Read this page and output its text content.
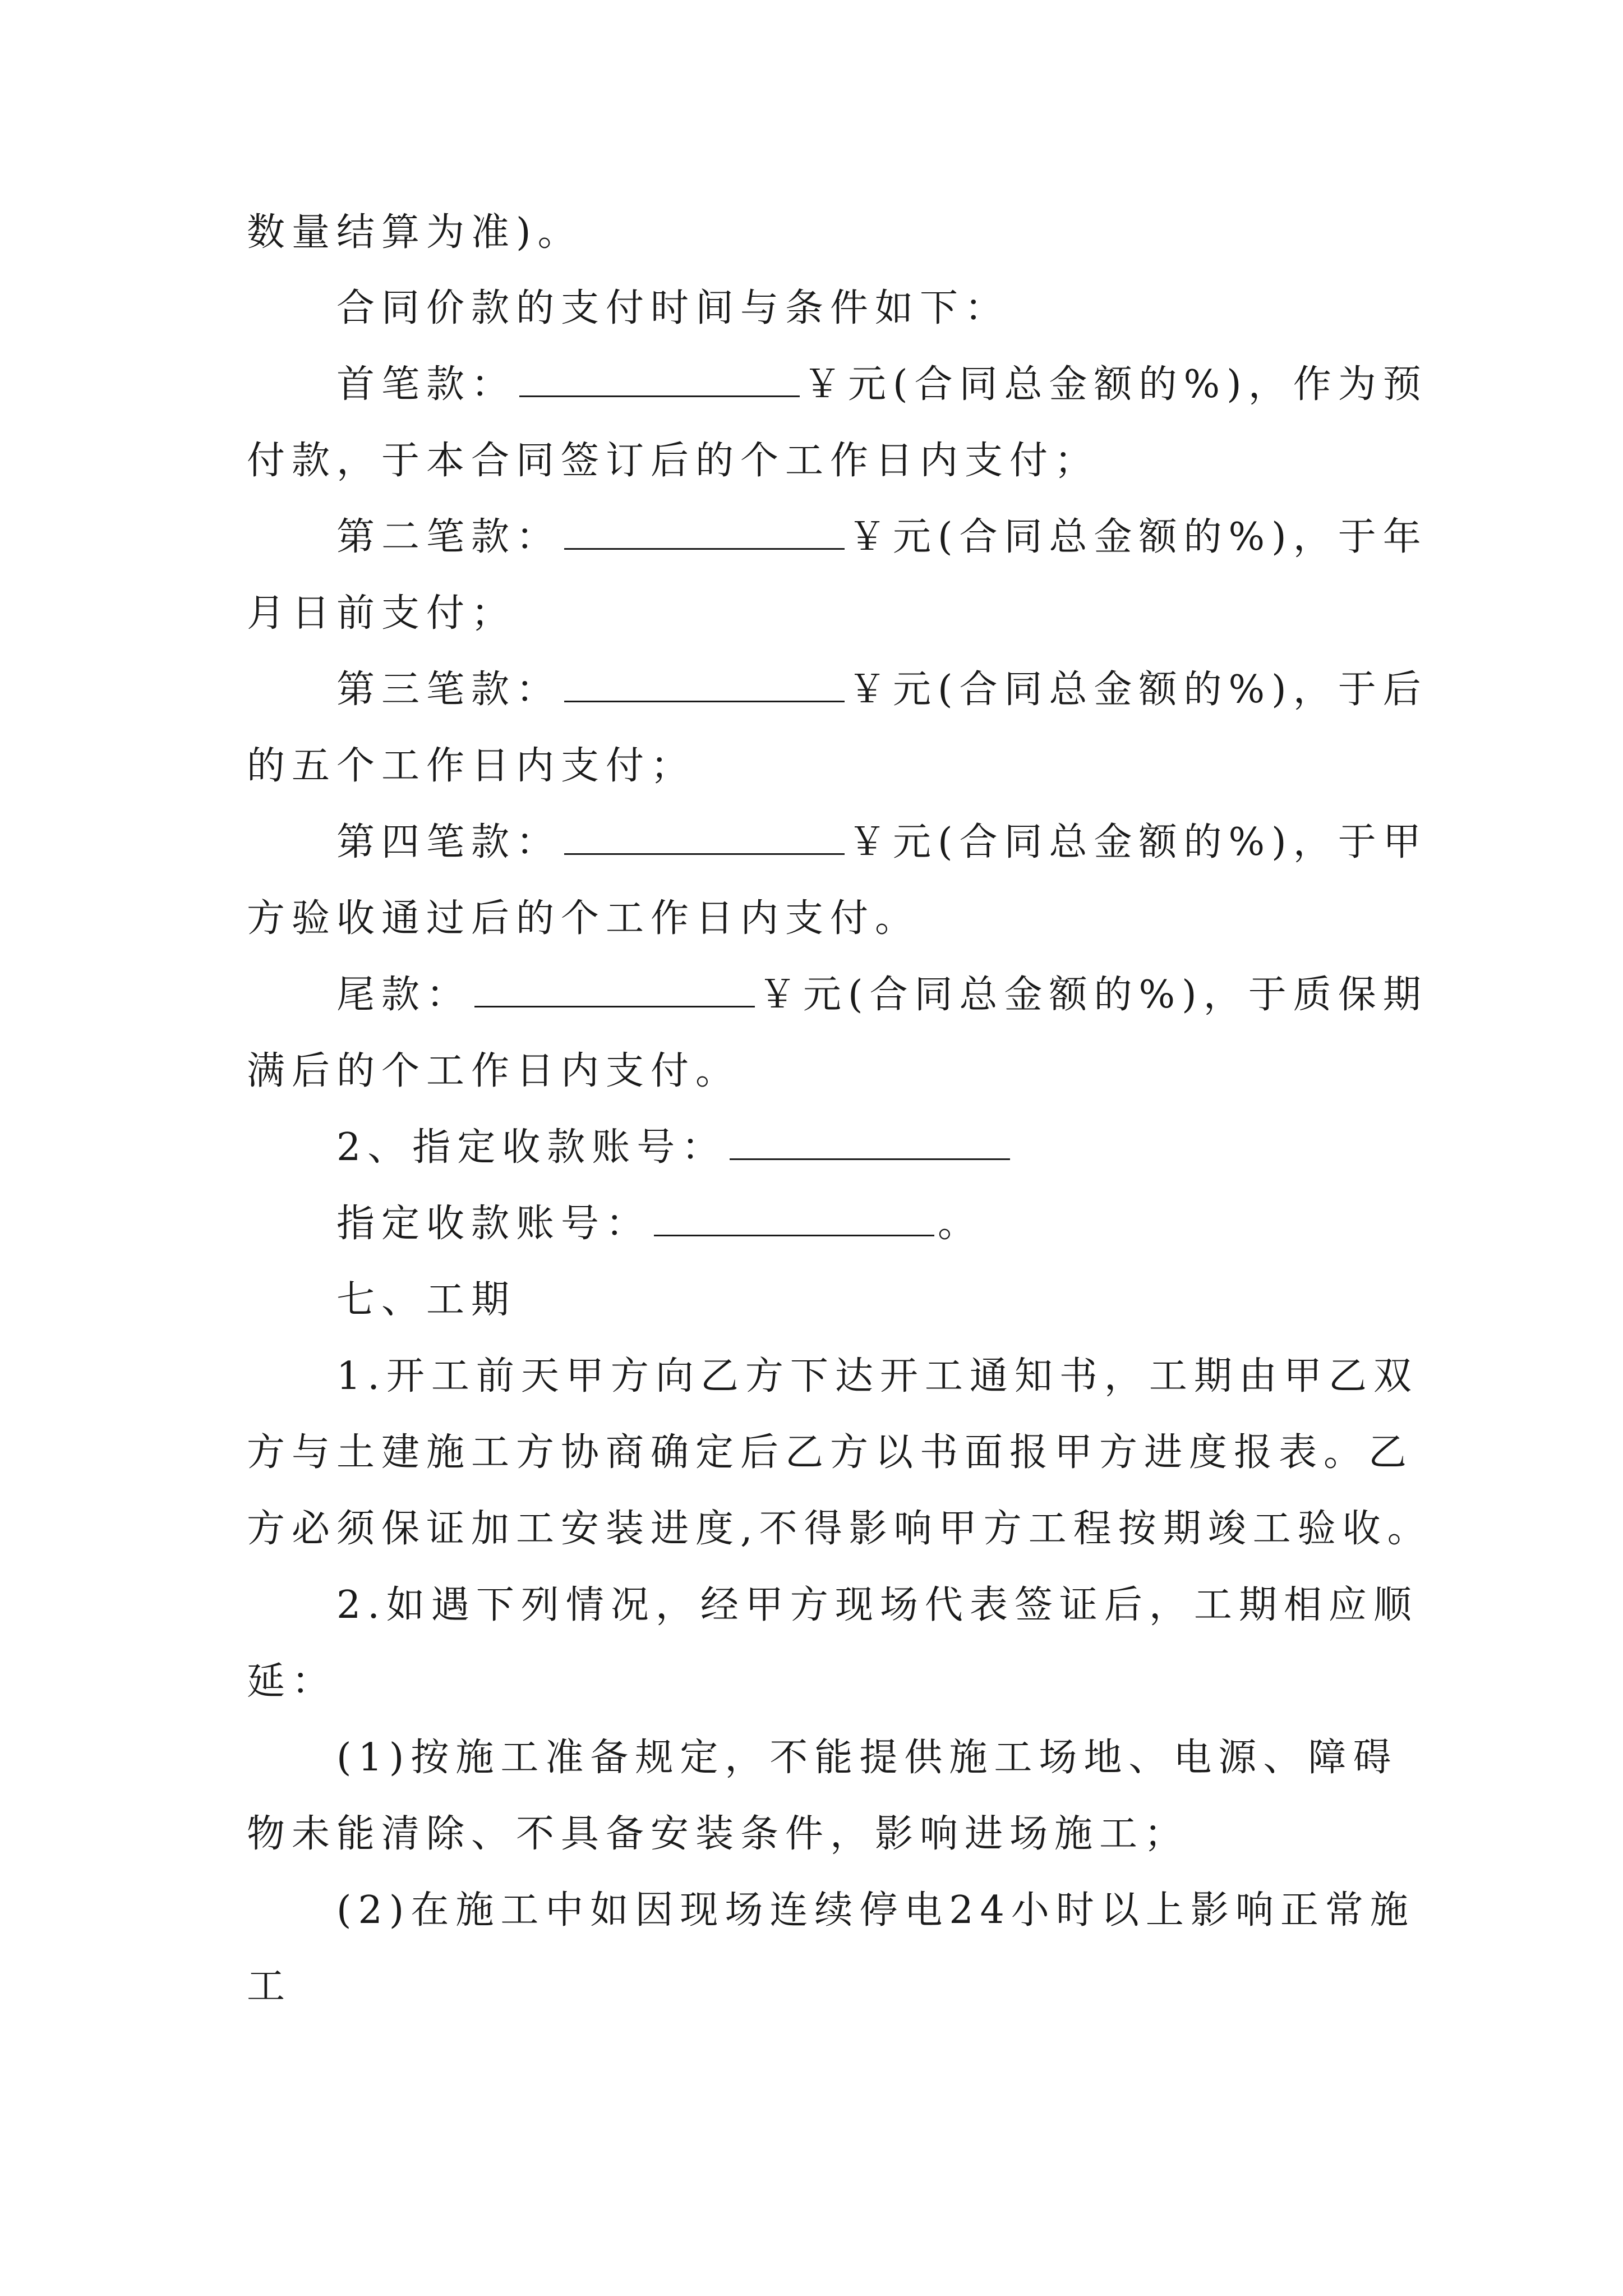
数量结算为准)。
合同价款的支付时间与条件如下：
首笔款：	￥元(合同总金额的%)，作为预
付款，于本合同签订后的个工作日内支付；
第二笔款：	￥元(合同总金额的%)，于年
月日前支付；
第三笔款：	￥元(合同总金额的%)，于后
的五个工作日内支付；
第四笔款：	￥元(合同总金额的%)，于甲
方验收通过后的个工作日内支付。
尾款：	￥元(合同总金额的%)，于质保期
满后的个工作日内支付。
2、指定收款账号：
指定收款账号：	。
七、工期
1.开工前天甲方向乙方下达开工通知书，工期由甲乙双
方与土建施工方协商确定后乙方以书面报甲方进度报表。乙
方必须保证加工安装进度,不得影响甲方工程按期竣工验收。
2.如遇下列情况，经甲方现场代表签证后，工期相应顺
延：
(1)按施工准备规定，不能提供施工场地、电源、障碍
物未能清除、不具备安装条件，影响进场施工；
(2)在施工中如因现场连续停电24小时以上影响正常施
工
